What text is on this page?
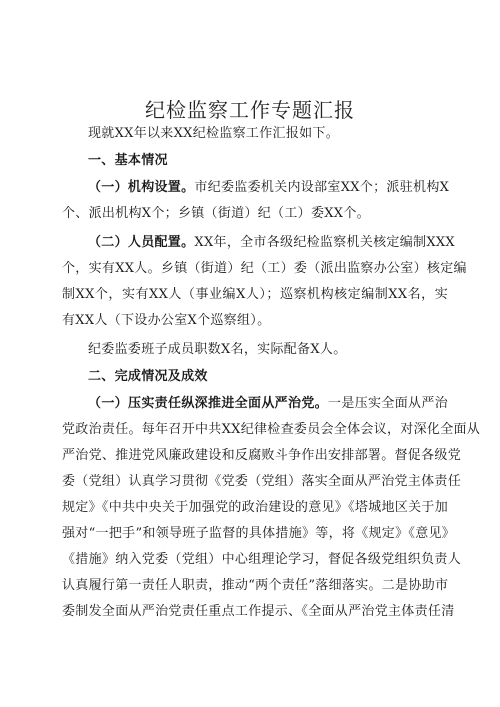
纪检监察工作专题汇报
现就XX年以来XX纪检监察工作汇报如下。
一、基本情况
（一）机构设置。市纪委监委机关内设部室XX个；派驻机构X
个、派出机构X个；乡镇（街道）纪（工）委XX个。
（二）人员配置。XX年，全市各级纪检监察机关核定编制XXX
个，实有XX人。乡镇（街道）纪（工）委（派出监察办公室）核定编
制XX个，实有XX人（事业编X人）；巡察机构核定编制XX名，实
有XX人（下设办公室X个巡察组）。
纪委监委班子成员职数X名，实际配备X人。
二、完成情况及成效
（一）压实责任纵深推进全面从严治党。一是压实全面从严治
党政治责任。每年召开中共XX纪律检查委员会全体会议，对深化全面从
严治党、推进党风廉政建设和反腐败斗争作出安排部署。督促各级党
委（党组）认真学习贯彻《党委（党组）落实全面从严治党主体责任
规定》《中共中央关于加强党的政治建设的意见》《塔城地区关于加
强对“一把手”和领导班子监督的具体措施》等，将《规定》《意见》
《措施》纳入党委（党组）中心组理论学习，督促各级党组织负责人
认真履行第一责任人职责，推动“两个责任”落细落实。二是协助市
委制发全面从严治党责任重点工作提示、《全面从严治党主体责任清
